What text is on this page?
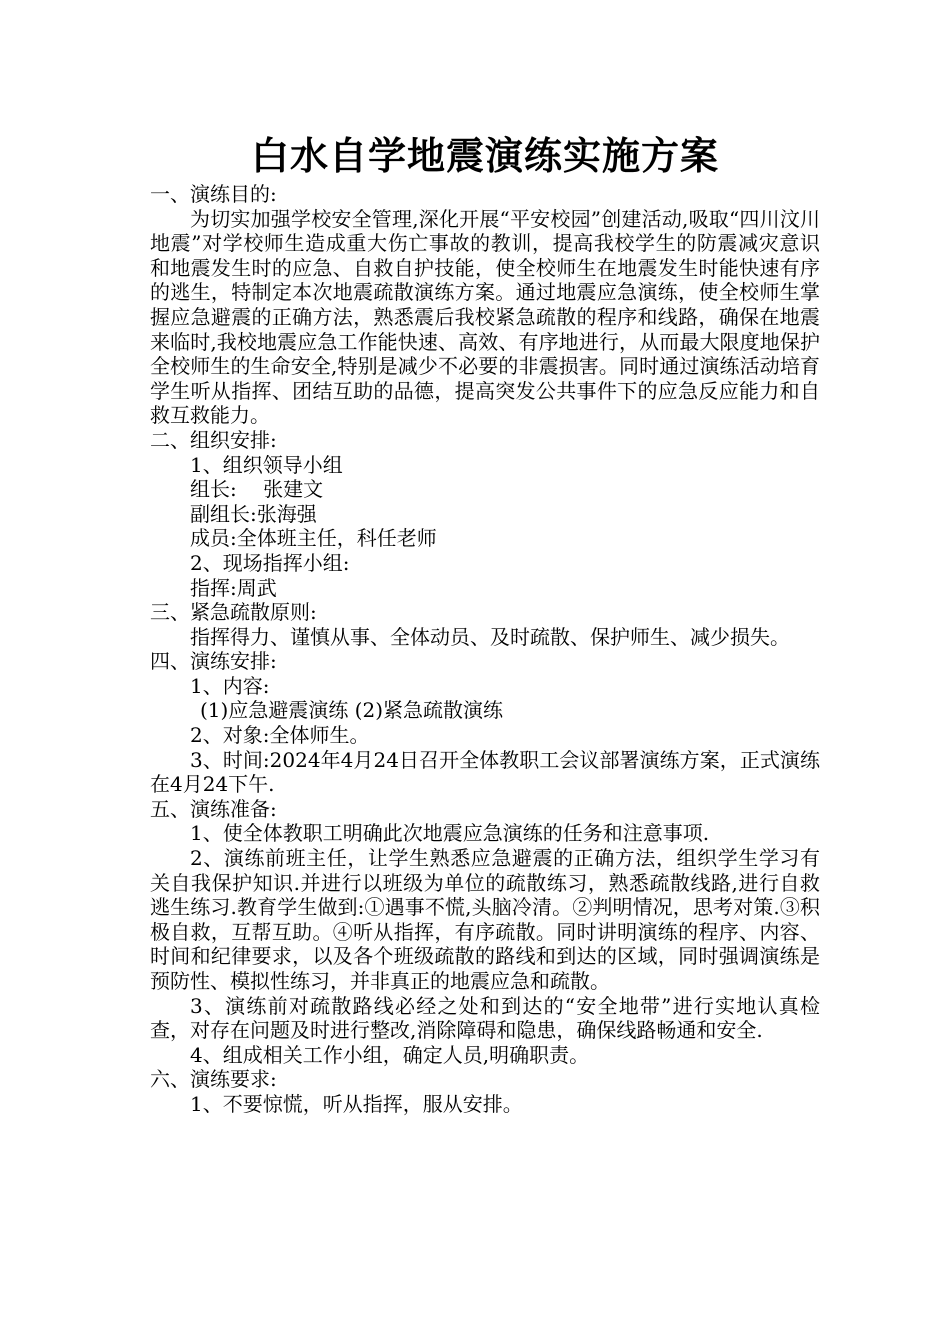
白水自学地震演练实施方案
一、演练目的:

为切实加强学校安全管理,深化开展“平安校园”创建活动,吸取“四川汶川地震”对学校师生造成重大伤亡事故的教训，提高我校学生的防震减灾意识和地震发生时的应急、自救自护技能，使全校师生在地震发生时能快速有序的逃生，特制定本次地震疏散演练方案。通过地震应急演练，使全校师生掌握应急避震的正确方法，熟悉震后我校紧急疏散的程序和线路，确保在地震来临时,我校地震应急工作能快速、高效、有序地进行，从而最大限度地保护全校师生的生命安全,特别是减少不必要的非震损害。同时通过演练活动培育学生听从指挥、团结互助的品德，提高突发公共事件下的应急反应能力和自救互救能力。

二、组织安排:
1、组织领导小组
组长:　 张建文
副组长:张海强
成员:全体班主任，科任老师
2、现场指挥小组:
指挥:周武
三、紧急疏散原则:

指挥得力、谨慎从事、全体动员、及时疏散、保护师生、减少损失。

四、演练安排:
1、内容:
(1)应急避震演练 (2)紧急疏散演练
2、对象:全体师生。

3、时间:2024年4月24日召开全体教职工会议部署演练方案，正式演练在4月24下午.

五、演练准备:

1、使全体教职工明确此次地震应急演练的任务和注意事项.

2、演练前班主任，让学生熟悉应急避震的正确方法，组织学生学习有关自我保护知识.并进行以班级为单位的疏散练习，熟悉疏散线路,进行自救逃生练习.教育学生做到:①遇事不慌,头脑冷清。②判明情况，思考对策.③积极自救，互帮互助。④听从指挥，有序疏散。同时讲明演练的程序、内容、时间和纪律要求，以及各个班级疏散的路线和到达的区域，同时强调演练是预防性、模拟性练习，并非真正的地震应急和疏散。

3、演练前对疏散路线必经之处和到达的“安全地带”进行实地认真检查，对存在问题及时进行整改,消除障碍和隐患，确保线路畅通和安全.

4、组成相关工作小组，确定人员,明确职责。

六、演练要求:
1、不要惊慌，听从指挥，服从安排。
